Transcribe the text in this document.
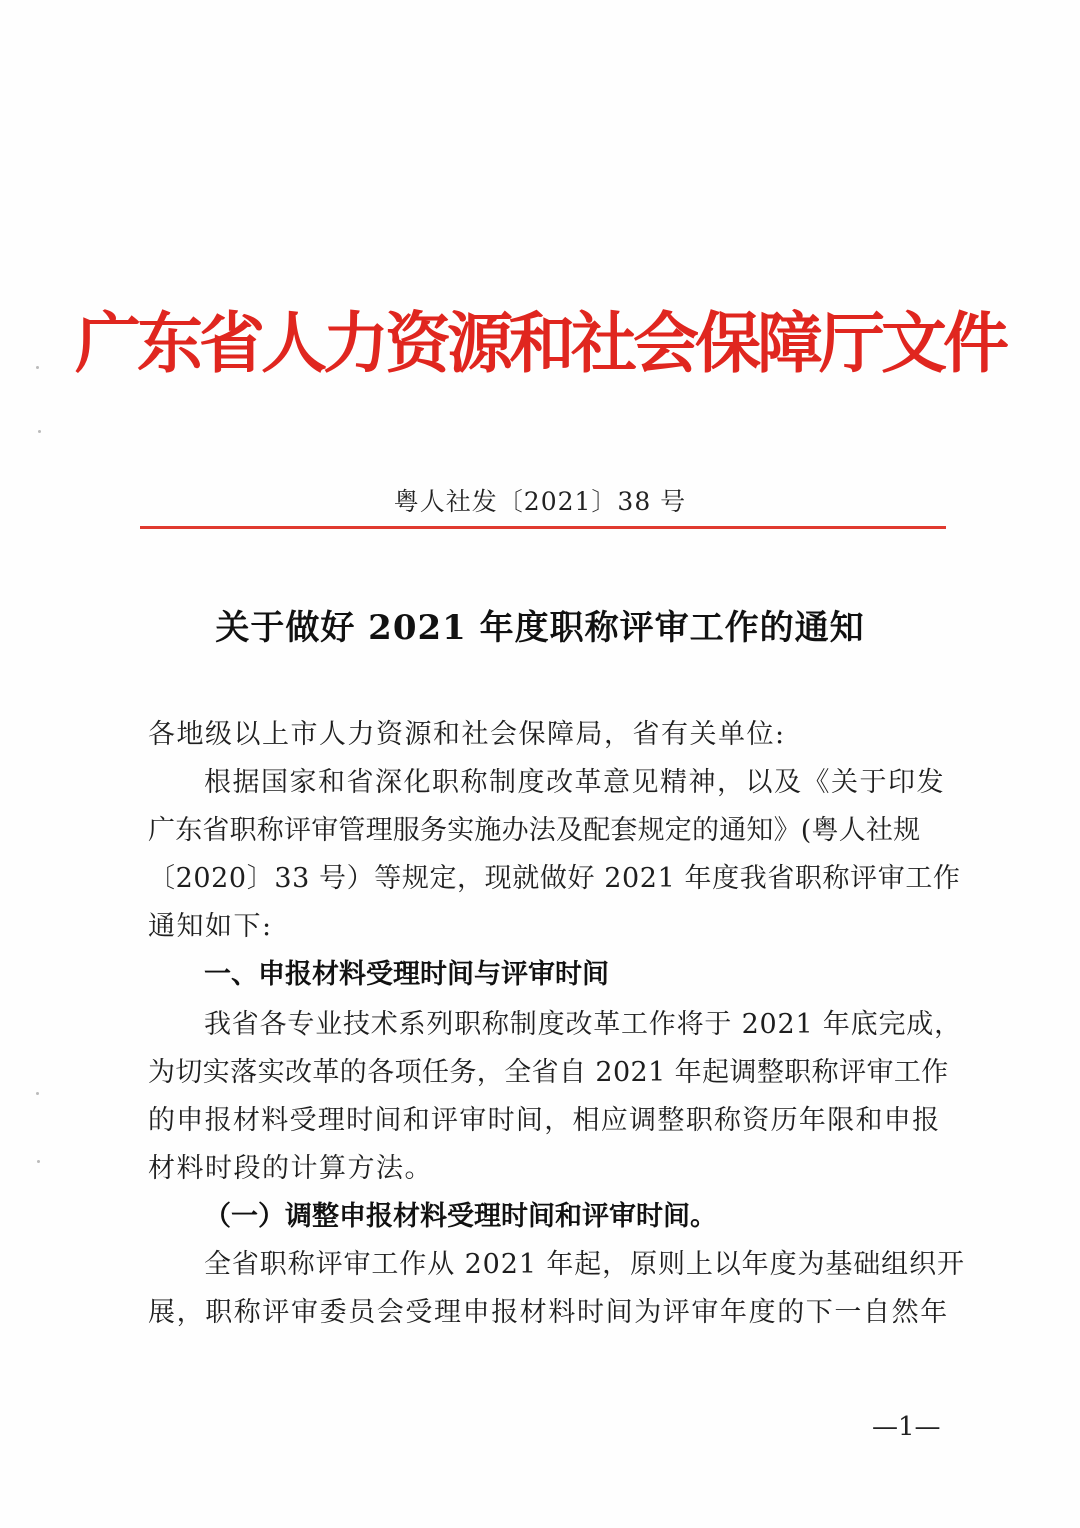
广东省人力资源和社会保障厅文件
粤人社发〔2021〕38 号
关于做好 2021 年度职称评审工作的通知
各地级以上市人力资源和社会保障局，省有关单位:
根据国家和省深化职称制度改革意见精神，以及《关于印发
广东省职称评审管理服务实施办法及配套规定的通知》(粤人社规
〔2020〕33 号）等规定，现就做好 2021 年度我省职称评审工作
通知如下:
一、申报材料受理时间与评审时间
我省各专业技术系列职称制度改革工作将于 2021 年底完成，
为切实落实改革的各项任务，全省自 2021 年起调整职称评审工作
的申报材料受理时间和评审时间，相应调整职称资历年限和申报
材料时段的计算方法。
（一）调整申报材料受理时间和评审时间。
全省职称评审工作从 2021 年起，原则上以年度为基础组织开
展，职称评审委员会受理申报材料时间为评审年度的下一自然年
—1—
